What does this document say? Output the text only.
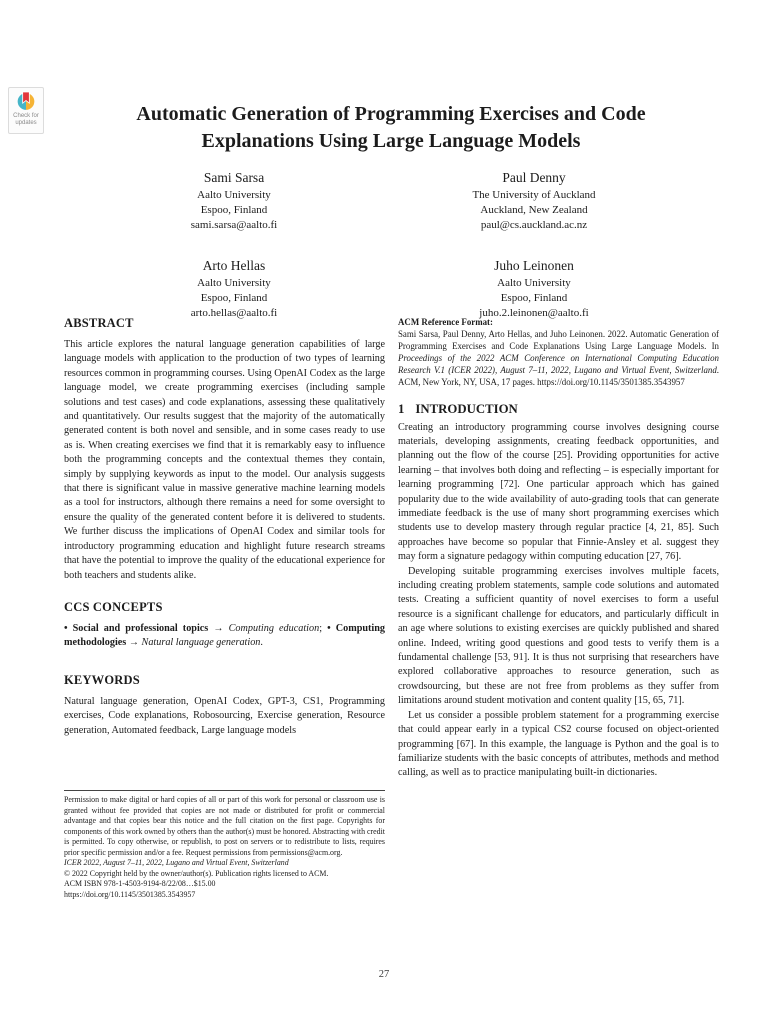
Check for updates	Automatic Generation of Programming Exercises and Code
Explanations Using Large Language Models
Sami Sarsa
Aalto University
Espoo, Finland
sami.sarsa@aalto.fi
Paul Denny
The University of Auckland
Auckland, New Zealand
paul@cs.auckland.ac.nz
Arto Hellas
Aalto University
Espoo, Finland
arto.hellas@aalto.fi
Juho Leinonen
Aalto University
Espoo, Finland
juho.2.leinonen@aalto.fi
ABSTRACT

This article explores the natural language generation capabilities of large language models with application to the production of two types of learning resources common in programming courses. Using OpenAI Codex as the large language model, we create programming exercises (including sample solutions and test cases) and code explanations, assessing these qualitatively and quantitatively. Our results suggest that the majority of the automatically generated content is both novel and sensible, and in some cases ready to use as is. When creating exercises we find that it is remarkably easy to influence both the programming concepts and the contextual themes they contain, simply by supplying keywords as input to the model. Our analysis suggests that there is significant value in massive generative machine learning models as a tool for instructors, although there remains a need for some oversight to ensure the quality of the generated content before it is delivered to students. We further discuss the implications of OpenAI Codex and similar tools for introductory programming education and highlight future research streams that have the potential to improve the quality of the educational experience for both teachers and students alike.

CCS CONCEPTS

• Social and professional topics → Computing education; • Computing methodologies → Natural language generation.

KEYWORDS

Natural language generation, OpenAI Codex, GPT-3, CS1, Programming exercises, Code explanations, Robosourcing, Exercise generation, Resource generation, Automated feedback, Large language models

Permission to make digital or hard copies of all or part of this work for personal or classroom use is granted without fee provided that copies are not made or distributed for profit or commercial advantage and that copies bear this notice and the full citation on the first page. Copyrights for components of this work owned by others than the author(s) must be honored. Abstracting with credit is permitted. To copy otherwise, or republish, to post on servers or to redistribute to lists, requires prior specific permission and/or a fee. Request permissions from permissions@acm.org.

ICER 2022, August 7–11, 2022, Lugano and Virtual Event, Switzerland
© 2022 Copyright held by the owner/author(s). Publication rights licensed to ACM.
ACM ISBN 978-1-4503-9194-8/22/08…$15.00
https://doi.org/10.1145/3501385.3543957

ACM Reference Format:

Sami Sarsa, Paul Denny, Arto Hellas, and Juho Leinonen. 2022. Automatic Generation of Programming Exercises and Code Explanations Using Large Language Models. In Proceedings of the 2022 ACM Conference on International Computing Education Research V.1 (ICER 2022), August 7–11, 2022, Lugano and Virtual Event, Switzerland. ACM, New York, NY, USA, 17 pages. https://doi.org/10.1145/3501385.3543957

1 INTRODUCTION

Creating an introductory programming course involves designing course materials, developing assignments, creating feedback opportunities, and planning out the flow of the course [25]. Providing opportunities for active learning – that involves both doing and reflecting – is especially important for learning programming [72]. One particular approach which has gained popularity due to the wide availability of auto-grading tools that can generate immediate feedback is the use of many short programming exercises which students use to develop mastery through regular practice [4, 21, 85]. Such approaches have become so popular that Finnie-Ansley et al. suggest they may form a signature pedagogy within computing education [27, 76].

Developing suitable programming exercises involves multiple facets, including creating problem statements, sample code solutions and automated tests. Creating a sufficient quantity of novel exercises to form a useful resource is a significant challenge for educators, and particularly difficult in an age where solutions to existing exercises are quickly published and shared online. Indeed, writing good questions and good tests to verify them is a fundamental challenge [53, 91]. It is thus not surprising that researchers have explored collaborative approaches to resource generation, such as crowdsourcing, but these are not free from problems as they suffer from limitations around student motivation and content quality [15, 65, 71].

Let us consider a possible problem statement for a programming exercise that could appear early in a typical CS2 course focused on object-oriented programming [67]. In this example, the language is Python and the goal is to familiarize students with the basic concepts of attributes, methods and method calling, as well as to practice manipulating built-in dictionaries.

27
